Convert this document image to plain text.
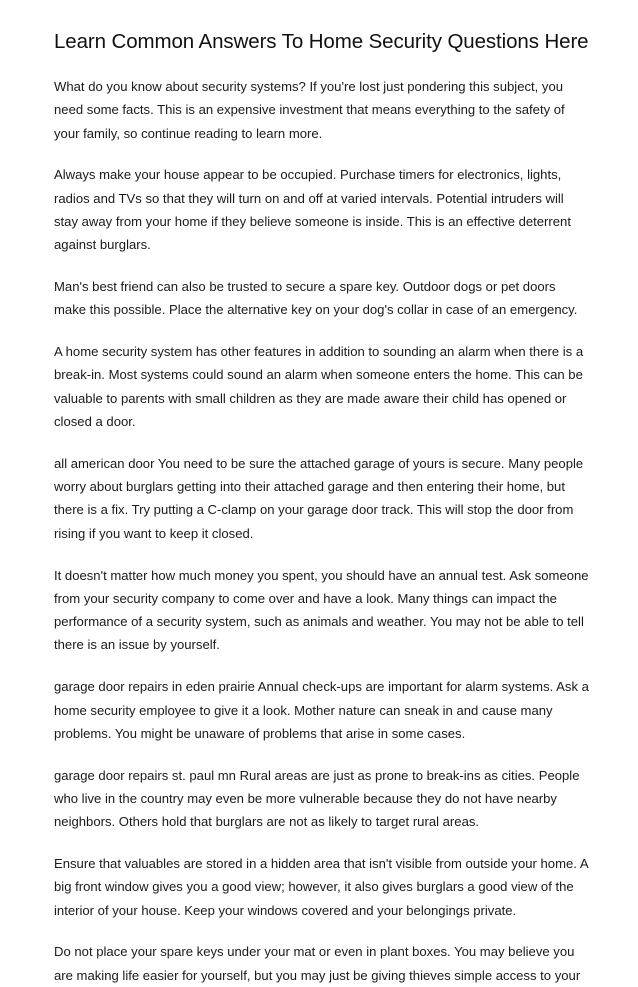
Learn Common Answers To Home Security Questions Here

What do you know about security systems? If you're lost just pondering this subject, you need some facts. This is an expensive investment that means everything to the safety of your family, so continue reading to learn more.

Always make your house appear to be occupied. Purchase timers for electronics, lights, radios and TVs so that they will turn on and off at varied intervals. Potential intruders will stay away from your home if they believe someone is inside. This is an effective deterrent against burglars.

Man's best friend can also be trusted to secure a spare key. Outdoor dogs or pet doors make this possible. Place the alternative key on your dog's collar in case of an emergency.

A home security system has other features in addition to sounding an alarm when there is a break-in. Most systems could sound an alarm when someone enters the home. This can be valuable to parents with small children as they are made aware their child has opened or closed a door.

all american door You need to be sure the attached garage of yours is secure. Many people worry about burglars getting into their attached garage and then entering their home, but there is a fix. Try putting a C-clamp on your garage door track. This will stop the door from rising if you want to keep it closed.

It doesn't matter how much money you spent, you should have an annual test. Ask someone from your security company to come over and have a look. Many things can impact the performance of a security system, such as animals and weather. You may not be able to tell there is an issue by yourself.

garage door repairs in eden prairie Annual check-ups are important for alarm systems. Ask a home security employee to give it a look. Mother nature can sneak in and cause many problems. You might be unaware of problems that arise in some cases.

garage door repairs st. paul mn Rural areas are just as prone to break-ins as cities. People who live in the country may even be more vulnerable because they do not have nearby neighbors. Others hold that burglars are not as likely to target rural areas.

Ensure that valuables are stored in a hidden area that isn't visible from outside your home. A big front window gives you a good view; however, it also gives burglars a good view of the interior of your house. Keep your windows covered and your belongings private.

Do not place your spare keys under your mat or even in plant boxes. You may believe you are making life easier for yourself, but you may just be giving thieves simple access to your
